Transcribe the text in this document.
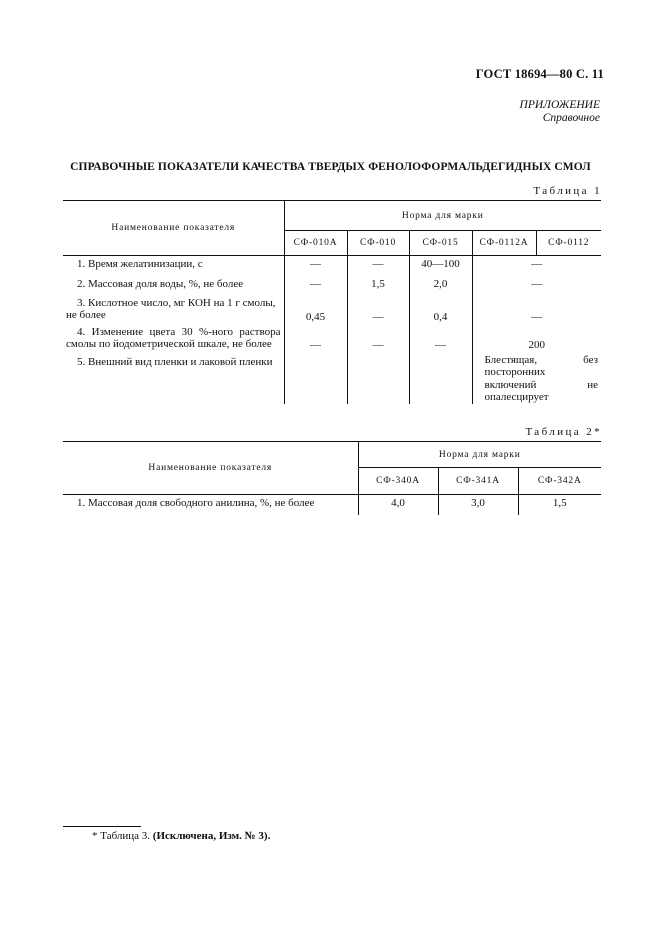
ГОСТ 18694—80 С. 11
ПРИЛОЖЕНИЕ
Справочное
СПРАВОЧНЫЕ ПОКАЗАТЕЛИ КАЧЕСТВА ТВЕРДЫХ ФЕНОЛОФОРМАЛЬДЕГИДНЫХ СМОЛ
Таблица 1
Наименование показателя	Норма для марки				
	СФ-010А	СФ-010	СФ-015	СФ-0112А	СФ-0112
1. Время желатинизации, с	—	—	40—100	—	
2. Массовая доля воды, %, не более	—	1,5	2,0	—	
3. Кислотное число, мг КОН на 1 г смолы, не более	0,45	—	0,4	—	
4. Изменение цвета 30 %-ного раствора смолы по йодометрической шкале, не более	—	—	—	200	
5. Внешний вид пленки и лаковой пленки				Блестящая, без посторонних включений не опалесцирует	
Таблица 2*
Наименование показателя	Норма для марки		
	СФ-340А	СФ-341А	СФ-342А
1. Массовая доля свободного анилина, %, не более	4,0	3,0	1,5
* Таблица 3. (Исключена, Изм. № 3).
